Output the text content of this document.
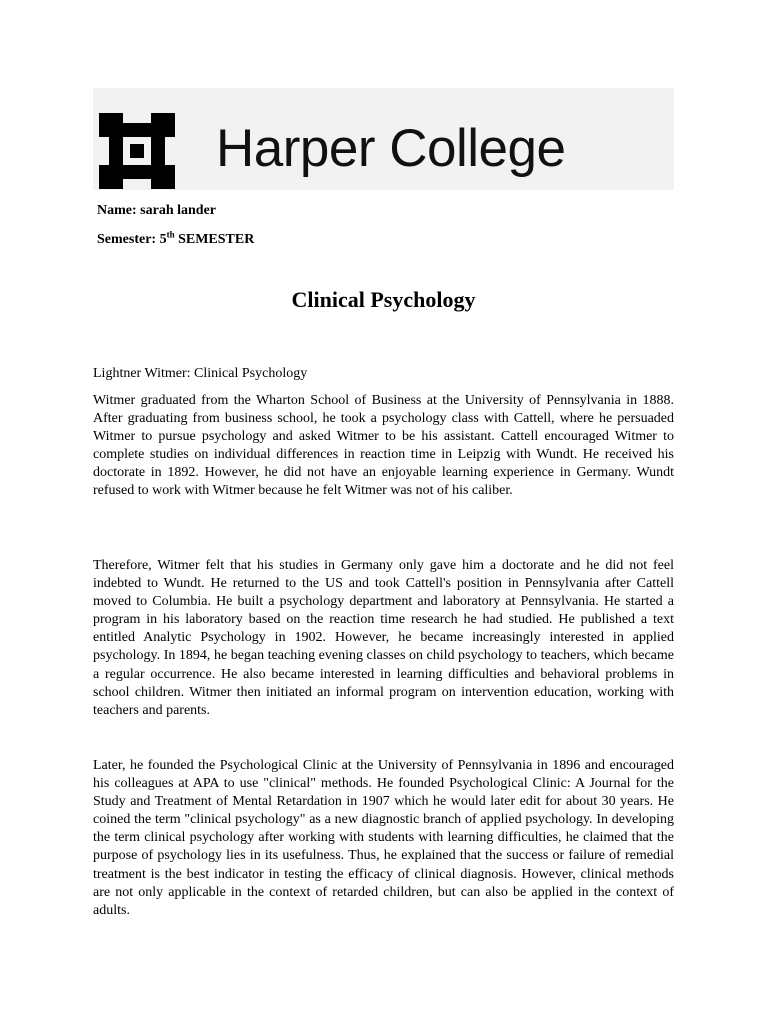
Harper College
Name: sarah lander
Semester: 5th SEMESTER
Clinical Psychology
Lightner Witmer: Clinical Psychology

Witmer graduated from the Wharton School of Business at the University of Pennsylvania in 1888. After graduating from business school, he took a psychology class with Cattell, where he persuaded Witmer to pursue psychology and asked Witmer to be his assistant. Cattell encouraged Witmer to complete studies on individual differences in reaction time in Leipzig with Wundt. He received his doctorate in 1892. However, he did not have an enjoyable learning experience in Germany. Wundt refused to work with Witmer because he felt Witmer was not of his caliber.

Therefore, Witmer felt that his studies in Germany only gave him a doctorate and he did not feel indebted to Wundt. He returned to the US and took Cattell's position in Pennsylvania after Cattell moved to Columbia. He built a psychology department and laboratory at Pennsylvania. He started a program in his laboratory based on the reaction time research he had studied. He published a text entitled Analytic Psychology in 1902. However, he became increasingly interested in applied psychology. In 1894, he began teaching evening classes on child psychology to teachers, which became a regular occurrence. He also became interested in learning difficulties and behavioral problems in school children. Witmer then initiated an informal program on intervention education, working with teachers and parents.

Later, he founded the Psychological Clinic at the University of Pennsylvania in 1896 and encouraged his colleagues at APA to use "clinical" methods. He founded Psychological Clinic: A Journal for the Study and Treatment of Mental Retardation in 1907 which he would later edit for about 30 years. He coined the term "clinical psychology" as a new diagnostic branch of applied psychology. In developing the term clinical psychology after working with students with learning difficulties, he claimed that the purpose of psychology lies in its usefulness. Thus, he explained that the success or failure of remedial treatment is the best indicator in testing the efficacy of clinical diagnosis. However, clinical methods are not only applicable in the context of retarded children, but can also be applied in the context of adults.
